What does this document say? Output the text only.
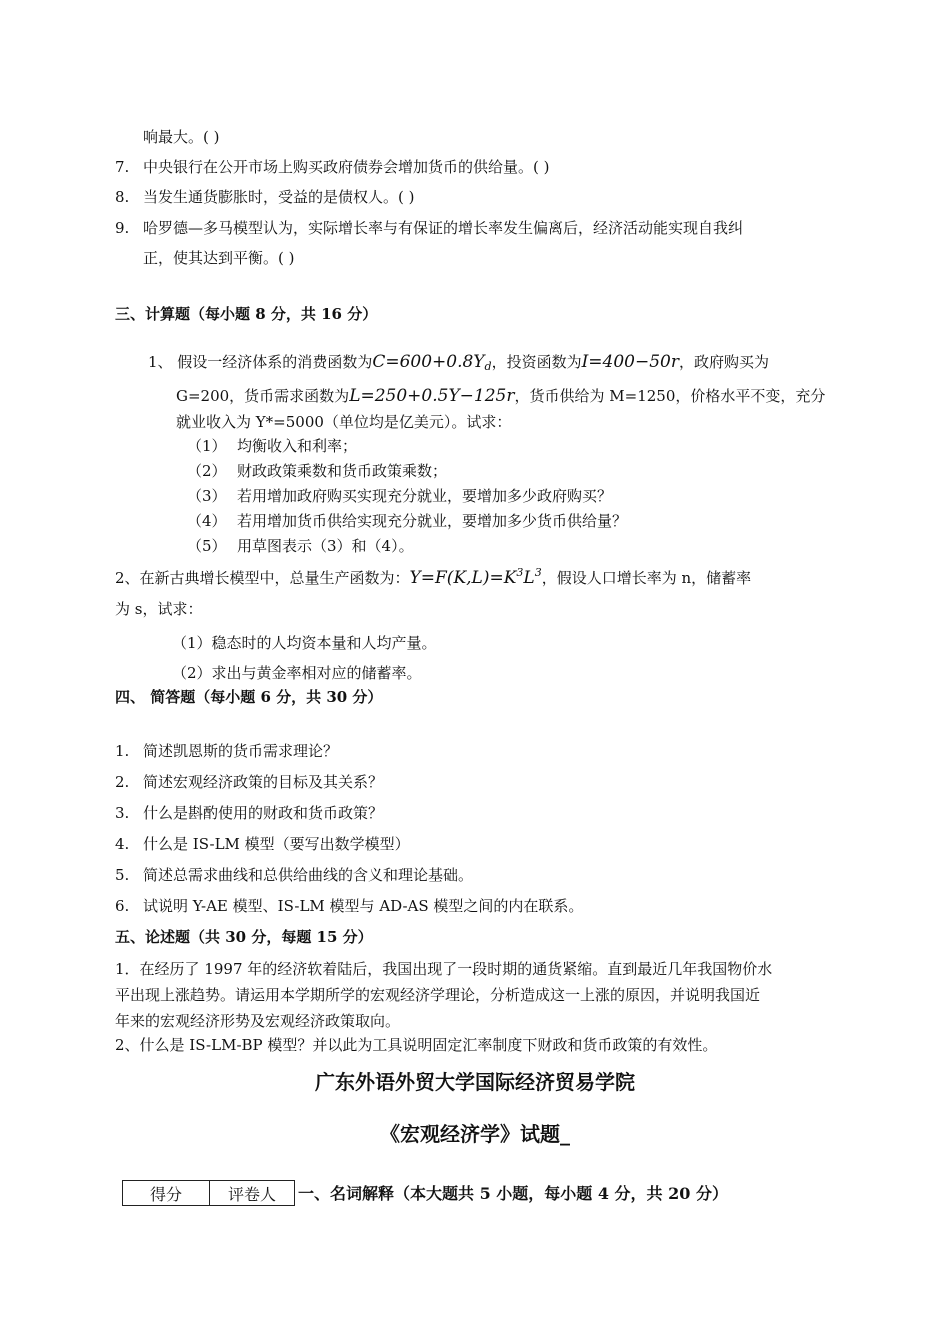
响最大。( )
7. 中央银行在公开市场上购买政府债券会增加货币的供给量。( )
8. 当发生通货膨胀时，受益的是债权人。( )
9. 哈罗德—多马模型认为，实际增长率与有保证的增长率发生偏离后，经济活动能实现自我纠
正，使其达到平衡。( )
三、计算题（每小题 8 分，共 16 分）
1、 假设一经济体系的消费函数为$C=600+0.8Y_d$，投资函数为I=400−50r，政府购买为
G=200，货币需求函数为L=250+0.5Y−125r，货币供给为 M=1250，价格水平不变，充分
就业收入为 Y*=5000（单位均是亿美元）。试求：
（1） 均衡收入和利率；
（2） 财政政策乘数和货币政策乘数；
（3） 若用增加政府购买实现充分就业，要增加多少政府购买？
（4） 若用增加货币供给实现充分就业，要增加多少货币供给量？
（5） 用草图表示（3）和（4）。
2、在新古典增长模型中，总量生产函数为：$Y=F(K,L)=K^3L^3$，假设人口增长率为 n，储蓄率
为 s，试求：
（1）稳态时的人均资本量和人均产量。
（2）求出与黄金率相对应的储蓄率。
四、 简答题（每小题 6 分，共 30 分）
1. 简述凯恩斯的货币需求理论？
2. 简述宏观经济政策的目标及其关系？
3. 什么是斟酌使用的财政和货币政策？
4. 什么是 IS-LM 模型（要写出数学模型）
5. 简述总需求曲线和总供给曲线的含义和理论基础。
6. 试说明 Y-AE 模型、IS-LM 模型与 AD-AS 模型之间的内在联系。
五、论述题（共 30 分，每题 15 分）
1．在经历了 1997 年的经济软着陆后，我国出现了一段时期的通货紧缩。直到最近几年我国物价水
平出现上涨趋势。请运用本学期所学的宏观经济学理论，分析造成这一上涨的原因，并说明我国近
年来的宏观经济形势及宏观经济政策取向。
2、什么是 IS-LM-BP 模型？并以此为工具说明固定汇率制度下财政和货币政策的有效性。
广东外语外贸大学国际经济贸易学院
《宏观经济学》试题_
得分	评卷人 一、名词解释（本大题共 5 小题，每小题 4 分，共 20 分）
